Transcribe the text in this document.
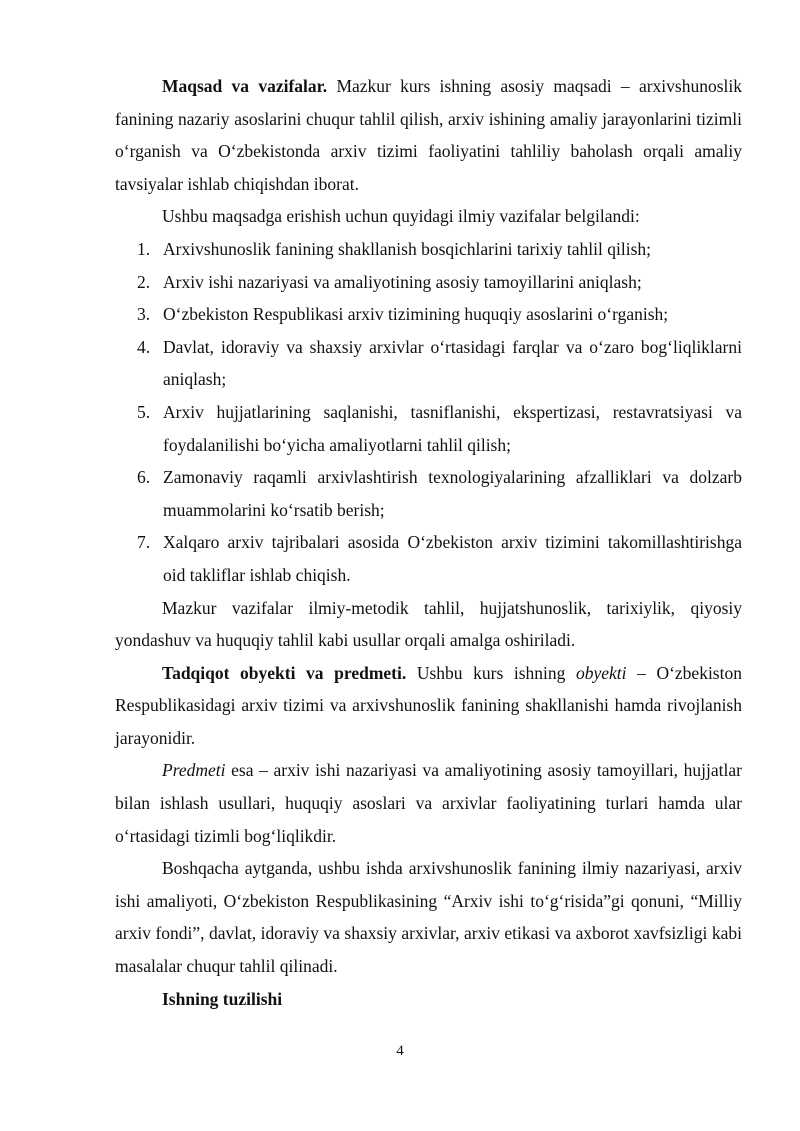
Maqsad va vazifalar. Mazkur kurs ishning asosiy maqsadi – arxivshunoslik fanining nazariy asoslarini chuqur tahlil qilish, arxiv ishining amaliy jarayonlarini tizimli oʻrganish va Oʻzbekistonda arxiv tizimi faoliyatini tahliliy baholash orqali amaliy tavsiyalar ishlab chiqishdan iborat.

Ushbu maqsadga erishish uchun quyidagi ilmiy vazifalar belgilandi:

1. Arxivshunoslik fanining shakllanish bosqichlarini tarixiy tahlil qilish;
2. Arxiv ishi nazariyasi va amaliyotining asosiy tamoyillarini aniqlash;
3. Oʻzbekiston Respublikasi arxiv tizimining huquqiy asoslarini oʻrganish;
4. Davlat, idoraviy va shaxsiy arxivlar oʻrtasidagi farqlar va oʻzaro bogʻliqliklarni aniqlash;
5. Arxiv hujjatlarining saqlanishi, tasniflanishi, ekspertizasi, restavratsiyasi va foydalanilishi boʻyicha amaliyotlarni tahlil qilish;
6. Zamonaviy raqamli arxivlashtirish texnologiyalarining afzalliklari va dolzarb muammolarini koʻrsatib berish;
7. Xalqaro arxiv tajribalari asosida Oʻzbekiston arxiv tizimini takomillashtirishga oid takliflar ishlab chiqish.

Mazkur vazifalar ilmiy-metodik tahlil, hujjatshunoslik, tarixiylik, qiyosiy yondashuv va huquqiy tahlil kabi usullar orqali amalga oshiriladi.

Tadqiqot obyekti va predmeti. Ushbu kurs ishning obyekti – Oʻzbekiston Respublikasidagi arxiv tizimi va arxivshunoslik fanining shakllanishi hamda rivojlanish jarayonidir.

Predmeti esa – arxiv ishi nazariyasi va amaliyotining asosiy tamoyillari, hujjatlar bilan ishlash usullari, huquqiy asoslari va arxivlar faoliyatining turlari hamda ular oʻrtasidagi tizimli bogʻliqlikdir.

Boshqacha aytganda, ushbu ishda arxivshunoslik fanining ilmiy nazariyasi, arxiv ishi amaliyoti, Oʻzbekiston Respublikasining “Arxiv ishi toʻgʻrisida”gi qonuni, “Milliy arxiv fondi”, davlat, idoraviy va shaxsiy arxivlar, arxiv etikasi va axborot xavfsizligi kabi masalalar chuqur tahlil qilinadi.

Ishning tuzilishi

4
